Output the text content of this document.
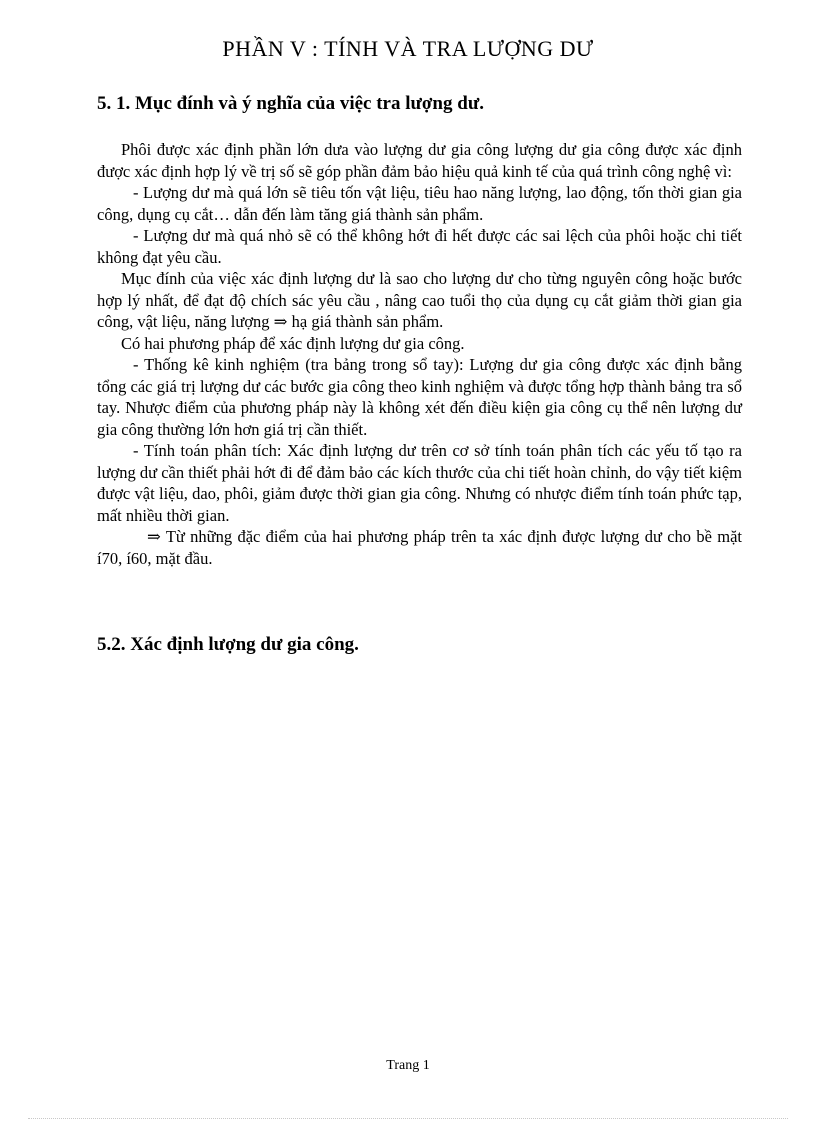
PHẦN V : TÍNH VÀ TRA LƯỢNG DƯ
5. 1. Mục đính và ý nghĩa của việc tra lượng dư.

Phôi được xác định phần lớn dưa vào lượng dư gia công lượng dư gia công được xác định được xác định hợp lý về trị số sẽ góp phần đảm bảo hiệu quả kinh tế của quá trình công nghệ vì:

- Lượng dư mà quá lớn sẽ tiêu tốn vật liệu, tiêu hao năng lượng, lao động, tốn thời gian gia công, dụng cụ cắt… dẫn đến làm tăng giá thành sản phẩm.

- Lượng dư mà quá nhỏ sẽ có thể không hớt đi hết được các sai lệch của phôi hoặc chi tiết không đạt yêu cầu.

Mục đính của việc xác định lượng dư là sao cho lượng dư cho từng nguyên công hoặc bước hợp lý nhất, để đạt độ chích sác yêu cầu , nâng cao tuổi thọ của dụng cụ cắt giảm thời gian gia công, vật liệu, năng lượng ⇒ hạ giá thành sản phẩm.

Có hai phương pháp để xác định lượng dư gia công.

- Thống kê kinh nghiệm (tra bảng trong sổ tay): Lượng dư gia công được xác định bằng tổng các giá trị lượng dư các bước gia công theo kinh nghiệm và được tổng hợp thành bảng tra sổ tay. Nhược điểm của phương pháp này là không xét đến điều kiện gia công cụ thể nên lượng dư gia công thường lớn hơn giá trị cần thiết.

- Tính toán phân tích: Xác định lượng dư trên cơ sở tính toán phân tích các yếu tố tạo ra lượng dư cần thiết phải hớt đi để đảm bảo các kích thước của chi tiết hoàn chỉnh, do vậy tiết kiệm được vật liệu, dao, phôi, giảm được thời gian gia công. Nhưng có nhược điểm tính toán phức tạp, mất nhiều thời gian.

⇒ Từ những đặc điểm của hai phương pháp trên ta xác định được lượng dư cho bề mặt í70, í60, mặt đầu.

5.2. Xác định lượng dư gia công.
Trang 1
